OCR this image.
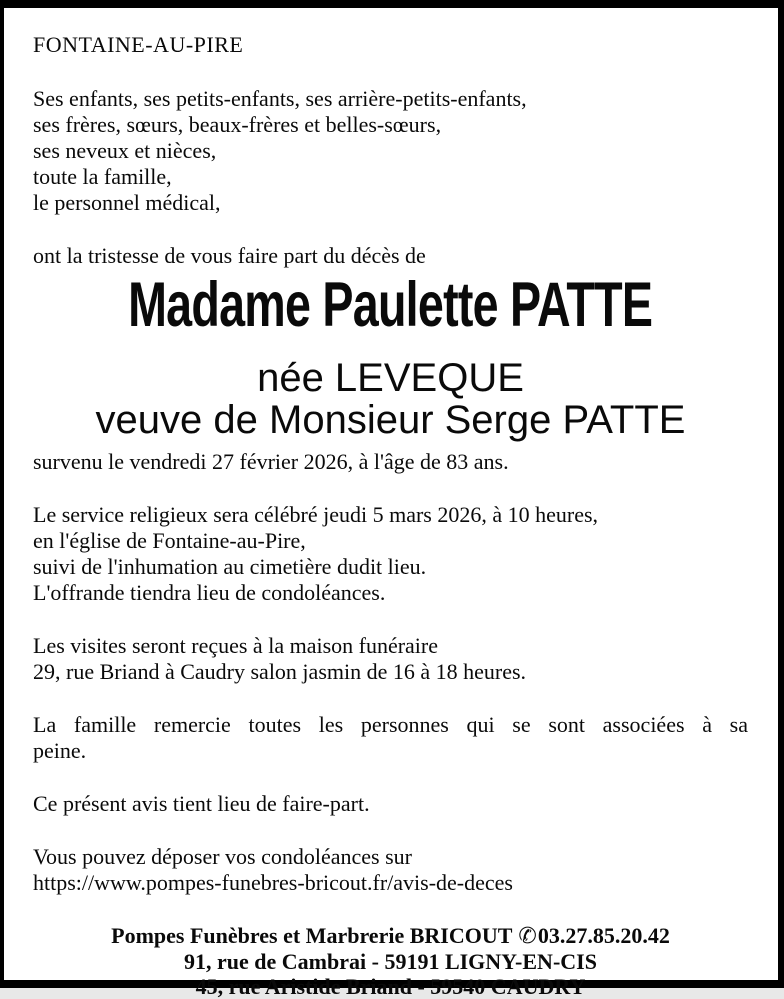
FONTAINE-AU-PIRE

Ses enfants, ses petits-enfants, ses arrière-petits-enfants,
ses frères, sœurs, beaux-frères et belles-sœurs,
ses neveux et nièces,
toute la famille,
le personnel médical,

ont la tristesse de vous faire part du décès de

Madame Paulette PATTE
née LEVEQUE
veuve de Monsieur Serge PATTE

survenu le vendredi 27 février 2026, à l'âge de 83 ans.

Le service religieux sera célébré jeudi 5 mars 2026, à 10 heures,
en l'église de Fontaine-au-Pire,
suivi de l'inhumation au cimetière dudit lieu.
L'offrande tiendra lieu de condoléances.
Les visites seront reçues à la maison funéraire
29, rue Briand à Caudry salon jasmin de 16 à 18 heures.
La famille remercie toutes les personnes qui se sont associées à sa
peine.
Ce présent avis tient lieu de faire-part.
Vous pouvez déposer vos condoléances sur
https://www.pompes-funebres-bricout.fr/avis-de-deces
Pompes Funèbres et Marbrerie BRICOUT ✆03.27.85.20.42
91, rue de Cambrai - 59191 LIGNY-EN-CIS
45, rue Aristide Briand - 59540 CAUDRY
